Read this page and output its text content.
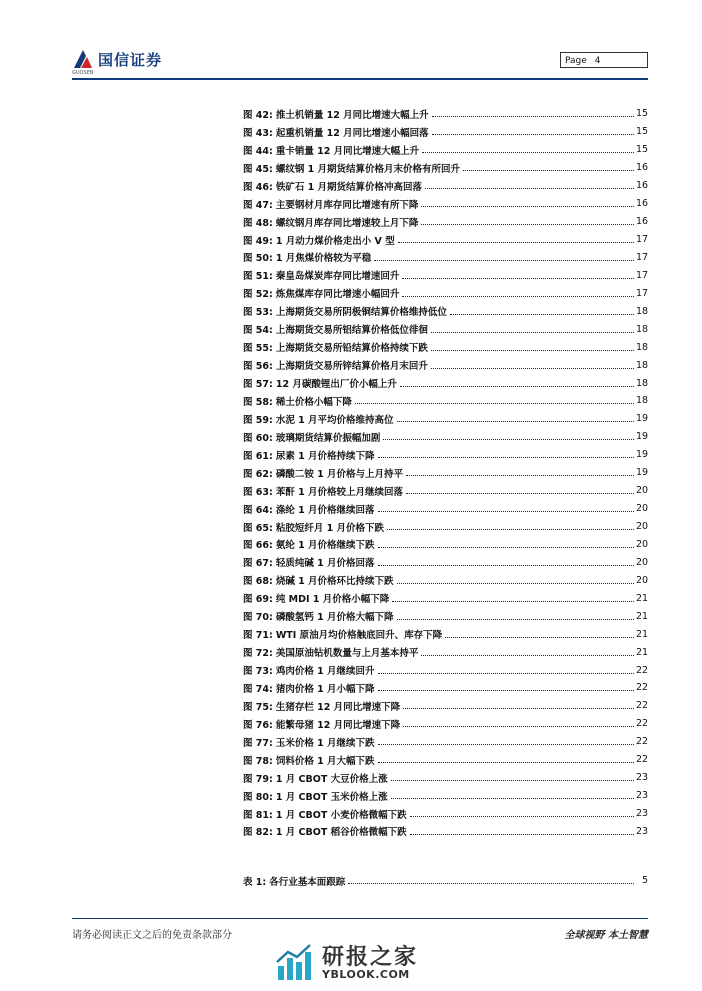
国信证券
GUOSEN
Page 4
图 42: 推土机销量 12 月同比增速大幅上升	15
图 43: 起重机销量 12 月同比增速小幅回落	15
图 44: 重卡销量 12 月同比增速大幅上升	15
图 45: 螺纹钢 1 月期货结算价格月末价格有所回升	16
图 46: 铁矿石 1 月期货结算价格冲高回落	16
图 47: 主要钢材月库存同比增速有所下降	16
图 48: 螺纹钢月库存同比增速较上月下降	16
图 49: 1 月动力煤价格走出小 V 型	17
图 50: 1 月焦煤价格较为平稳	17
图 51: 秦皇岛煤炭库存同比增速回升	17
图 52: 炼焦煤库存同比增速小幅回升	17
图 53: 上海期货交易所阴极铜结算价格维持低位	18
图 54: 上海期货交易所铝结算价格低位徘徊	18
图 55: 上海期货交易所铅结算价格持续下跌	18
图 56: 上海期货交易所锌结算价格月末回升	18
图 57: 12 月碳酸锂出厂价小幅上升	18
图 58: 稀土价格小幅下降	18
图 59: 水泥 1 月平均价格维持高位	19
图 60: 玻璃期货结算价振幅加剧	19
图 61: 尿素 1 月价格持续下降	19
图 62: 磷酸二铵 1 月价格与上月持平	19
图 63: 苯酐 1 月价格较上月继续回落	20
图 64: 涤纶 1 月价格继续回落	20
图 65: 粘胶短纤月 1 月价格下跌	20
图 66: 氨纶 1 月价格继续下跌	20
图 67: 轻质纯碱 1 月价格回落	20
图 68: 烧碱 1 月价格环比持续下跌	20
图 69: 纯 MDI 1 月价格小幅下降	21
图 70: 磷酸氢钙 1 月价格大幅下降	21
图 71: WTI 原油月均价格触底回升、库存下降	21
图 72: 美国原油钻机数量与上月基本持平	21
图 73: 鸡肉价格 1 月继续回升	22
图 74: 猪肉价格 1 月小幅下降	22
图 75: 生猪存栏 12 月同比增速下降	22
图 76: 能繁母猪 12 月同比增速下降	22
图 77: 玉米价格 1 月继续下跌	22
图 78: 饲料价格 1 月大幅下跌	22
图 79: 1 月 CBOT 大豆价格上涨	23
图 80: 1 月 CBOT 玉米价格上涨	23
图 81: 1 月 CBOT 小麦价格微幅下跌	23
图 82: 1 月 CBOT 稻谷价格微幅下跌	23
表 1: 各行业基本面跟踪	5
请务必阅读正文之后的免责条款部分	全球视野 本土智慧
研报之家
YBLOOK.COM
